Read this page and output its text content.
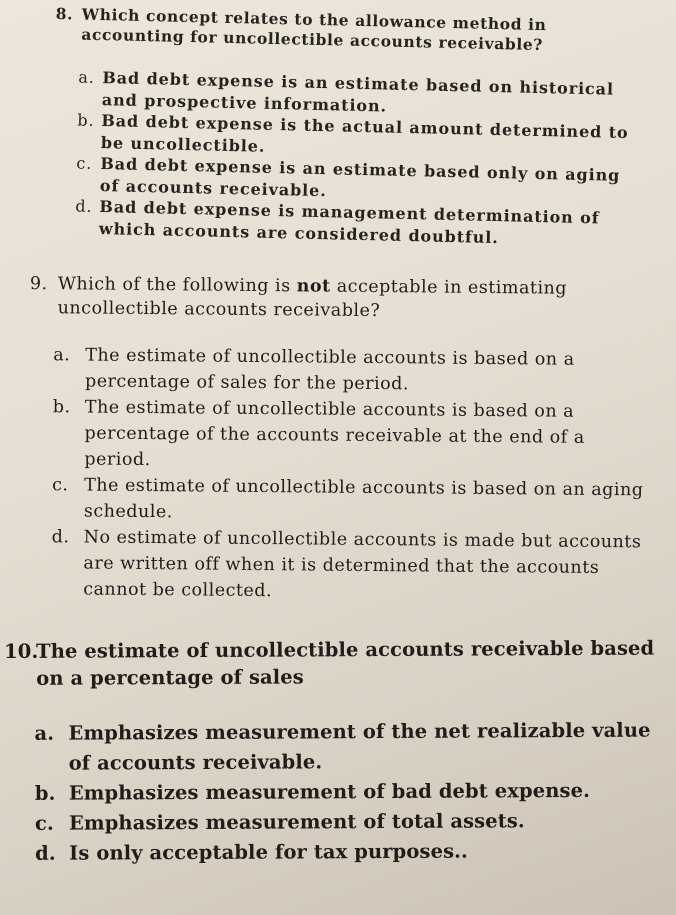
8. Which concept relates to the allowance method in accounting for uncollectible accounts receivable?
a. Bad debt expense is an estimate based on historical and prospective information.
b. Bad debt expense is the actual amount determined to be uncollectible.
c. Bad debt expense is an estimate based only on aging of accounts receivable.
d. Bad debt expense is management determination of which accounts are considered doubtful.
9. Which of the following is not acceptable in estimating uncollectible accounts receivable?
a. The estimate of uncollectible accounts is based on a percentage of sales for the period.
b. The estimate of uncollectible accounts is based on a percentage of the accounts receivable at the end of a period.
c. The estimate of uncollectible accounts is based on an aging schedule.
d. No estimate of uncollectible accounts is made but accounts are written off when it is determined that the accounts cannot be collected.
10.
The estimate of uncollectible accounts receivable based on a percentage of sales
a. Emphasizes measurement of the net realizable value of accounts receivable.
b. Emphasizes measurement of bad debt expense.
c. Emphasizes measurement of total assets.
d. Is only acceptable for tax purposes..
